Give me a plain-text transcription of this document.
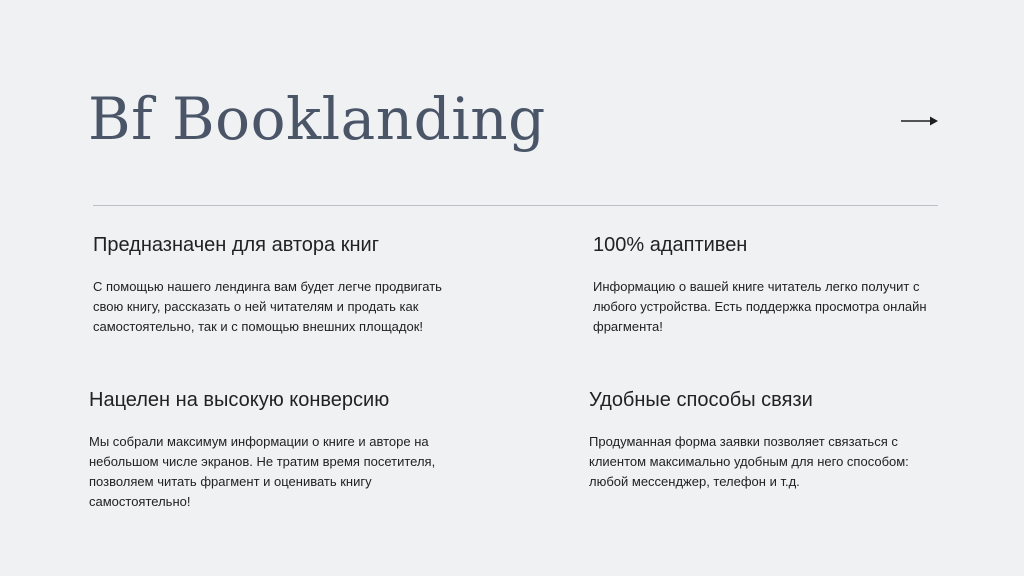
Bf Booklanding
Предназначен для автора книг

С помощью нашего лендинга вам будет легче продвигать свою книгу, рассказать о ней читателям и продать как самостоятельно, так и с помощью внешних площадок!

100% адаптивен

Информацию о вашей книге читатель легко получит с любого устройства. Есть поддержка просмотра онлайн фрагмента!

Нацелен на высокую конверсию

Мы собрали максимум информации о книге и авторе на небольшом числе экранов. Не тратим время посетителя, позволяем читать фрагмент и оценивать книгу самостоятельно!

Удобные способы связи

Продуманная форма заявки позволяет связаться с клиентом максимально удобным для него способом: любой мессенджер, телефон и т.д.
